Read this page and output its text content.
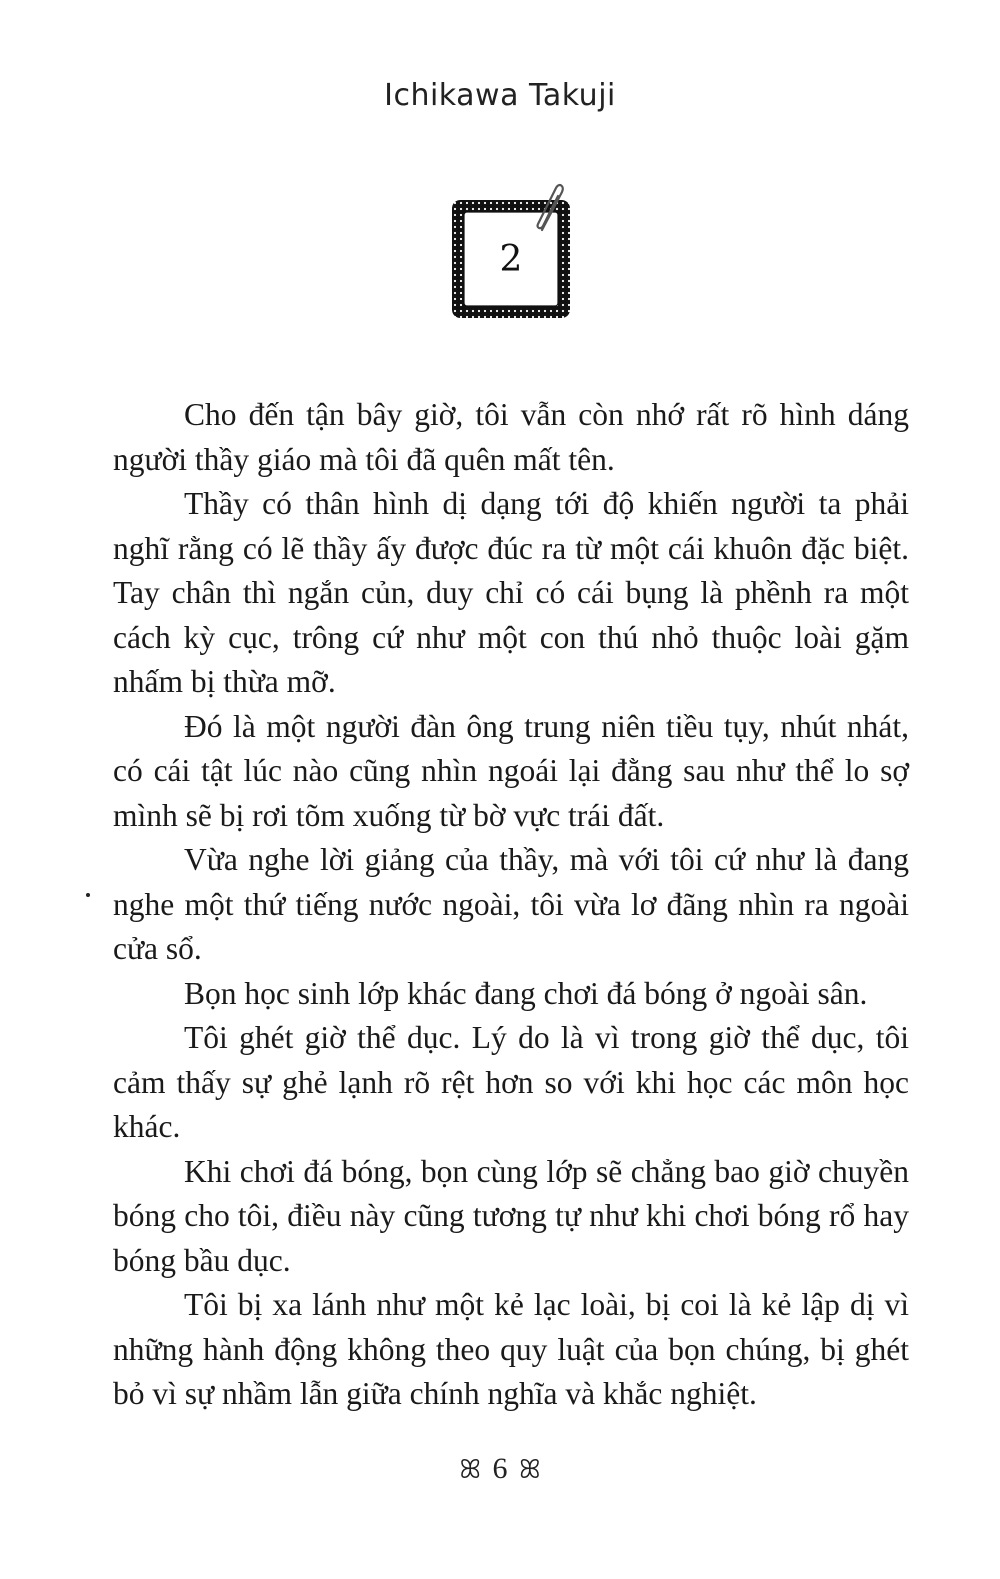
Ichikawa Takuji
2

Cho đến tận bây giờ, tôi vẫn còn nhớ rất rõ hình dáng người thầy giáo mà tôi đã quên mất tên.

Thầy có thân hình dị dạng tới độ khiến người ta phải nghĩ rằng có lẽ thầy ấy được đúc ra từ một cái khuôn đặc biệt. Tay chân thì ngắn củn, duy chỉ có cái bụng là phềnh ra một cách kỳ cục, trông cứ như một con thú nhỏ thuộc loài gặm nhấm bị thừa mỡ.

Đó là một người đàn ông trung niên tiều tụy, nhút nhát, có cái tật lúc nào cũng nhìn ngoái lại đằng sau như thể lo sợ mình sẽ bị rơi tõm xuống từ bờ vực trái đất.

Vừa nghe lời giảng của thầy, mà với tôi cứ như là đang nghe một thứ tiếng nước ngoài, tôi vừa lơ đãng nhìn ra ngoài cửa sổ.

Bọn học sinh lớp khác đang chơi đá bóng ở ngoài sân.

Tôi ghét giờ thể dục. Lý do là vì trong giờ thể dục, tôi cảm thấy sự ghẻ lạnh rõ rệt hơn so với khi học các môn học khác.

Khi chơi đá bóng, bọn cùng lớp sẽ chẳng bao giờ chuyền bóng cho tôi, điều này cũng tương tự như khi chơi bóng rổ hay bóng bầu dục.

Tôi bị xa lánh như một kẻ lạc loài, bị coi là kẻ lập dị vì những hành động không theo quy luật của bọn chúng, bị ghét bỏ vì sự nhầm lẫn giữa chính nghĩa và khắc nghiệt.

ꕤ 6 ꕤ
